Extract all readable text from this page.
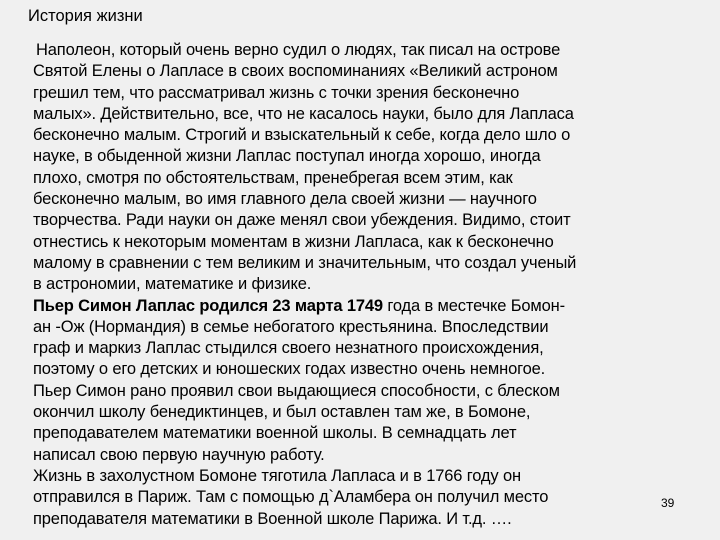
История жизни
Наполеон, который очень верно судил о людях, так писал на острове
Святой Елены о Лапласе в своих воспоминаниях «Великий астроном
грешил тем, что рассматривал жизнь с точки зрения бесконечно
малых». Действительно, все, что не касалось науки, было для Лапласа
бесконечно малым. Строгий и взыскательный к себе, когда дело шло о
науке, в обыденной жизни Лаплас поступал иногда хорошо, иногда
плохо, смотря по обстоятельствам, пренебрегая всем этим, как
бесконечно малым, во имя главного дела своей жизни — научного
творчества. Ради науки он даже менял свои убеждения. Видимо, стоит
отнестись к некоторым моментам в жизни Лапласа, как к бесконечно
малому в сравнении с тем великим и значительным, что создал ученый
в астрономии, математике и физике.
Пьер Симон Лаплас родился 23 марта 1749 года в местечке Бомон-
ан -Ож (Нормандия) в семье небогатого крестьянина. Впоследствии
граф и маркиз Лаплас стыдился своего незнатного происхождения,
поэтому о его детских и юношеских годах известно очень немногое.
Пьер Симон рано проявил свои выдающиеся способности, с блеском
окончил школу бенедиктинцев, и был оставлен там же, в Бомоне,
преподавателем математики военной школы. В семнадцать лет
написал свою первую научную работу.
Жизнь в захолустном Бомоне тяготила Лапласа и в 1766 году он
отправился в Париж. Там с помощью д`Аламбера он получил место
преподавателя математики в Военной школе Парижа. И т.д. ….
39
